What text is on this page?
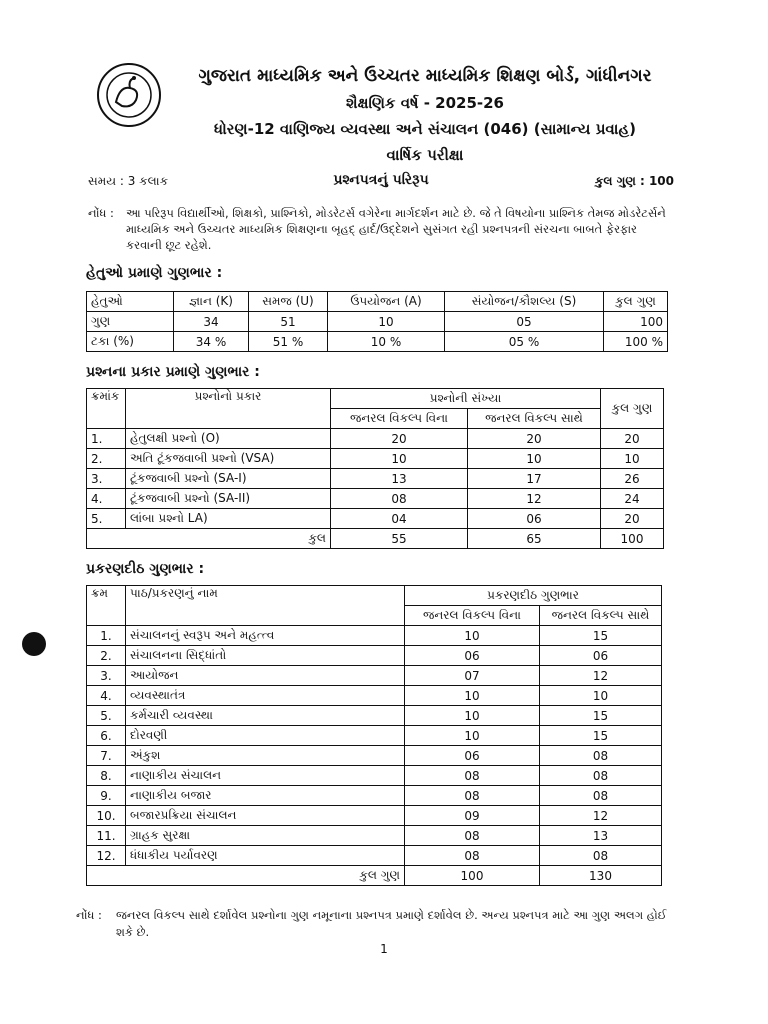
ગુજરાત માધ્યમિક અને ઉચ્ચતર માધ્યમિક શિક્ષણ બોર્ડ, ગાંધીનગર
શૈક્ષણિક વર્ષ - 2025-26
ધોરણ-12 વાણિજ્ય વ્યવસ્થા અને સંચાલન (046) (સામાન્ય પ્રવાહ)
વાર્ષિક પરીક્ષા
સમય : 3 કલાક	પ્રશ્નપત્રનું પરિરૂપ	કુલ ગુણ : 100
નોંધ : આ પરિરૂપ વિદ્યાર્થીઓ, શિક્ષકો, પ્રાશ્નિકો, મોડરેટર્સ વગેરેના માર્ગદર્શન માટે છે. જે તે વિષયોના પ્રાશ્નિક તેમજ મોડરેટર્સને માધ્યમિક અને ઉચ્ચતર માધ્યમિક શિક્ષણના બૃહદ્ હાર્દ/ઉદ્દેશને સુસંગત રહી પ્રશ્નપત્રની સંરચના બાબતે ફેરફાર કરવાની છૂટ રહેશે.
હેતુઓ પ્રમાણે ગુણભાર :
હેતુઓ	જ્ઞાન (K)	સમજ (U)	ઉપયોજન (A)	સંયોજન/કૌશલ્ય (S)	કુલ ગુણ
ગુણ	34	51	10	05	100
ટકા (%)	34 %	51 %	10 %	05 %	100 %
પ્રશ્નના પ્રકાર પ્રમાણે ગુણભાર :
ક્રમાંક	પ્રશ્નોનો પ્રકાર	પ્રશ્નોની સંખ્યા		કુલ ગુણ
		જનરલ વિકલ્પ વિના	જનરલ વિકલ્પ સાથે	
1.	હેતુલક્ષી પ્રશ્નો (O)	20	20	20
2.	અતિ ટૂંકજવાબી પ્રશ્નો (VSA)	10	10	10
3.	ટૂંકજવાબી પ્રશ્નો (SA-I)	13	17	26
4.	ટૂંકજવાબી પ્રશ્નો (SA-II)	08	12	24
5.	લાંબા પ્રશ્નો LA)	04	06	20
કુલ		55	65	100
પ્રકરણદીઠ ગુણભાર :
ક્રમ	પાઠ/પ્રકરણનું નામ	પ્રકરણદીઠ ગુણભાર	
		જનરલ વિકલ્પ વિના	જનરલ વિકલ્પ સાથે
1.	સંચાલનનું સ્વરૂપ અને મહત્ત્વ	10	15
2.	સંચાલનના સિદ્ધાંતો	06	06
3.	આયોજન	07	12
4.	વ્યવસ્થાતંત્ર	10	10
5.	કર્મચારી વ્યવસ્થા	10	15
6.	દોરવણી	10	15
7.	અંકુશ	06	08
8.	નાણાકીય સંચાલન	08	08
9.	નાણાકીય બજાર	08	08
10.	બજારપ્રક્રિયા સંચાલન	09	12
11.	ગ્રાહક સુરક્ષા	08	13
12.	ધંધાકીય પર્યાવરણ	08	08
કુલ ગુણ		100	130
નોંધ : જનરલ વિકલ્પ સાથે દર્શાવેલ પ્રશ્નોના ગુણ નમૂનાના પ્રશ્નપત્ર પ્રમાણે દર્શાવેલ છે. અન્ય પ્રશ્નપત્ર માટે આ ગુણ અલગ હોઈ શકે છે.
1
